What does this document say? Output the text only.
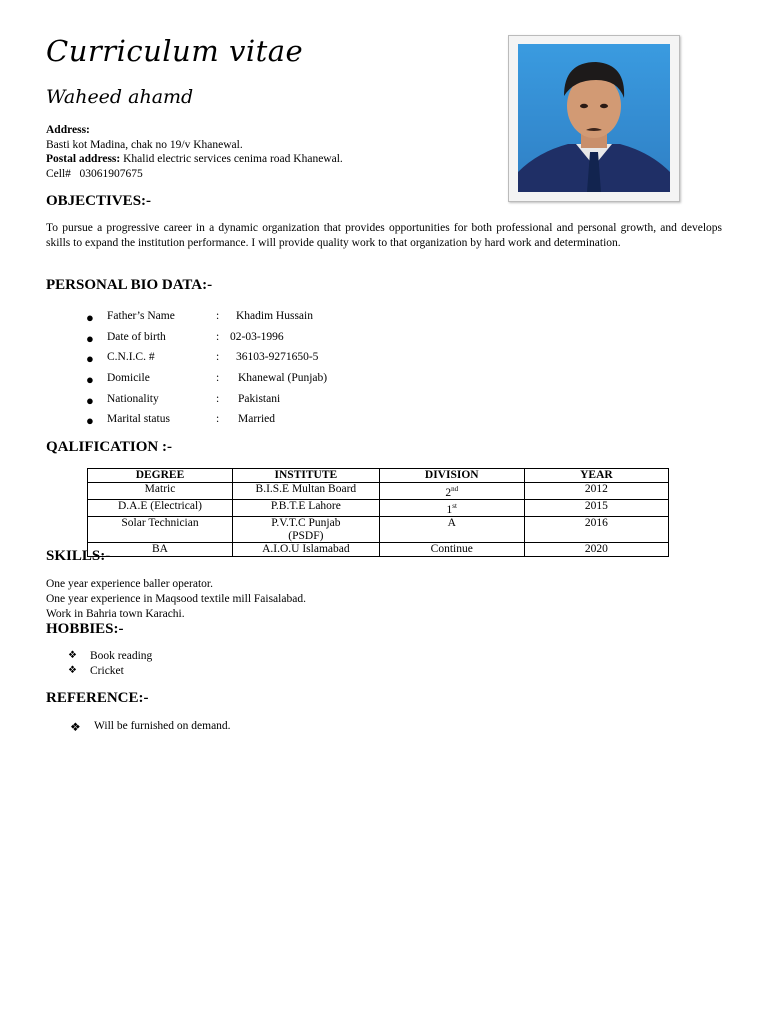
Curriculum vitae
Waheed ahamd
Address:
Basti kot Madina, chak no 19/v Khanewal.
Postal address: Khalid electric services cenima road Khanewal.
Cell# 03061907675
OBJECTIVES:-
To pursue a progressive career in a dynamic organization that provides opportunities for both professional and personal growth, and develops skills to expand the institution performance. I will provide quality work to that organization by hard work and determination.
PERSONAL BIO DATA:-
● Father’s Name	: Khadim Hussain
● Date of birth	: 02-03-1996
● C.N.I.C. #	: 36103-9271650-5
● Domicile	: Khanewal (Punjab)
● Nationality	: Pakistani
● Marital status	: Married
QALIFICATION :-
DEGREE	INSTITUTE	DIVISION	YEAR
Matric	B.I.S.E Multan Board	2nd	2012
D.A.E (Electrical)	P.B.T.E Lahore	1st	2015
Solar Technician	P.V.T.C Punjab (PSDF)	A	2016
BA	A.I.O.U Islamabad	Continue	2020
SKILLS:-
One year experience baller operator.
One year experience in Maqsood textile mill Faisalabad.
Work in Bahria town Karachi.
HOBBIES:-
❖ Book reading
❖ Cricket
REFERENCE:-
❖ Will be furnished on demand.
